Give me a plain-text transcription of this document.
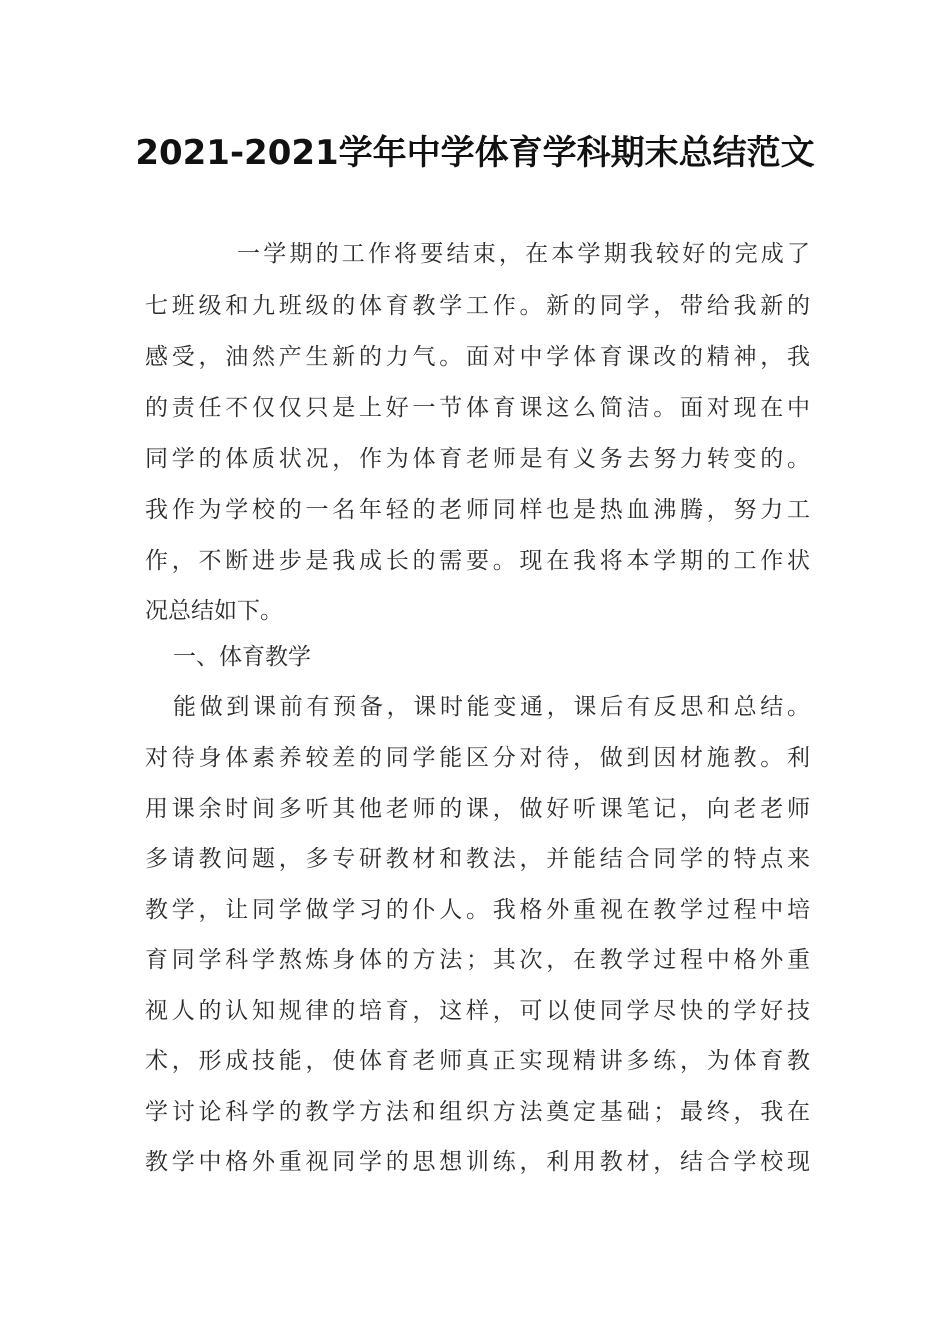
2021-2021学年中学体育学科期末总结范文
一学期的工作将要结束，在本学期我较好的完成了
七班级和九班级的体育教学工作。新的同学，带给我新的
感受，油然产生新的力气。面对中学体育课改的精神，我
的责任不仅仅只是上好一节体育课这么简洁。面对现在中
同学的体质状况，作为体育老师是有义务去努力转变的。
我作为学校的一名年轻的老师同样也是热血沸腾，努力工
作，不断进步是我成长的需要。现在我将本学期的工作状
况总结如下。
一、体育教学
能做到课前有预备，课时能变通，课后有反思和总结。
对待身体素养较差的同学能区分对待，做到因材施教。利
用课余时间多听其他老师的课，做好听课笔记，向老老师
多请教问题，多专研教材和教法，并能结合同学的特点来
教学，让同学做学习的仆人。我格外重视在教学过程中培
育同学科学熬炼身体的方法；其次，在教学过程中格外重
视人的认知规律的培育，这样，可以使同学尽快的学好技
术，形成技能，使体育老师真正实现精讲多练，为体育教
学讨论科学的教学方法和组织方法奠定基础；最终，我在
教学中格外重视同学的思想训练，利用教材，结合学校现
